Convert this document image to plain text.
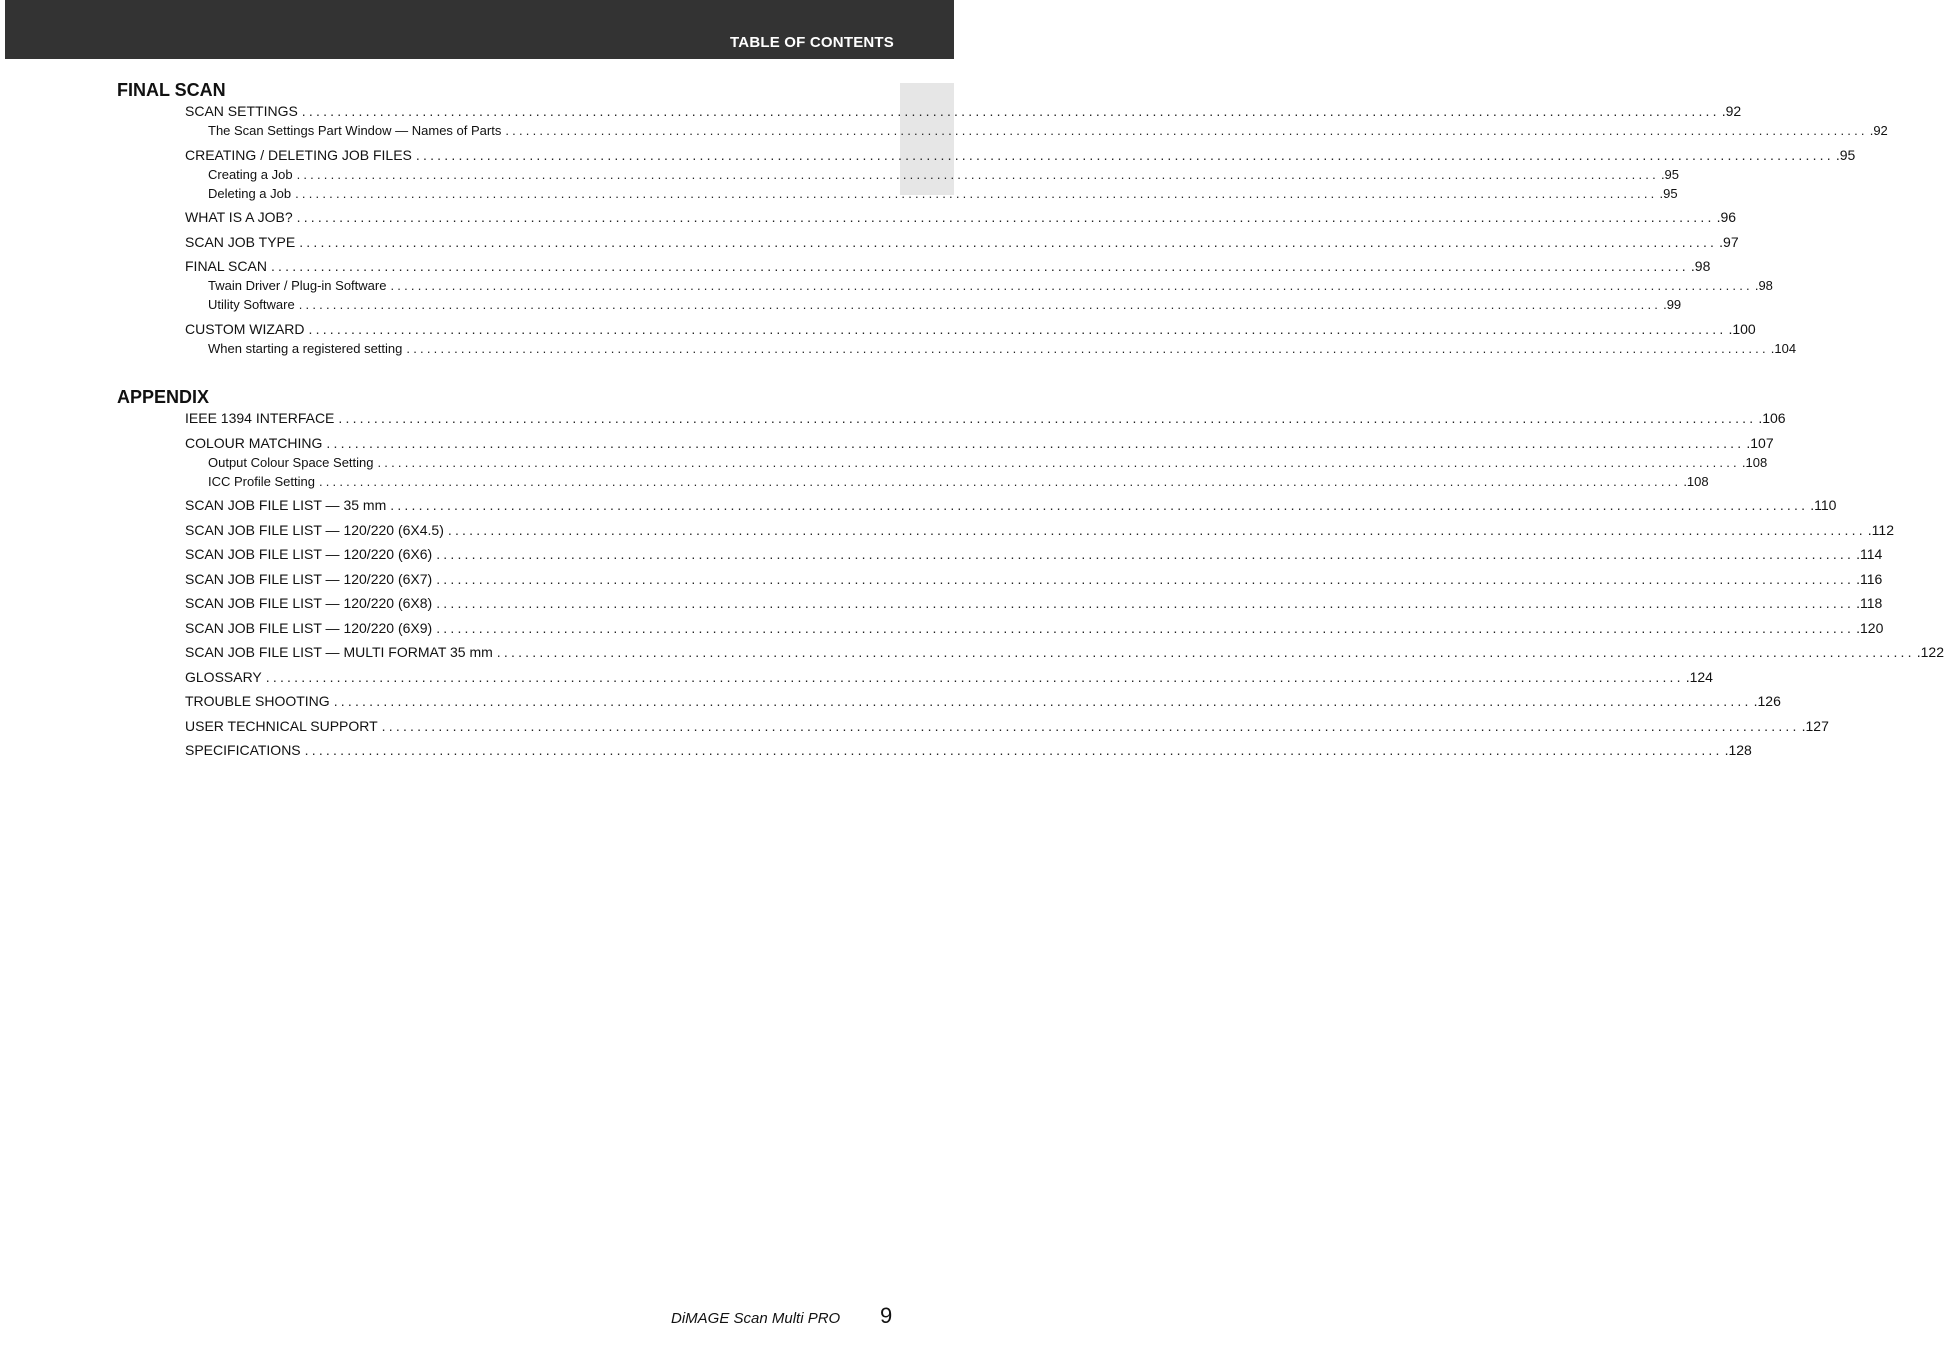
TABLE OF CONTENTS
FINAL SCAN
SCAN SETTINGS ........................................................................................................................................................................................................ .92
The Scan Settings Part Window — Names of Parts ........................................................................................................................................................................................................ .92
CREATING / DELETING JOB FILES ........................................................................................................................................................................................................ .95
Creating a Job ........................................................................................................................................................................................................ .95
Deleting a Job ........................................................................................................................................................................................................ .95
WHAT IS A JOB? ........................................................................................................................................................................................................ .96
SCAN JOB TYPE ........................................................................................................................................................................................................ .97
FINAL SCAN ........................................................................................................................................................................................................ .98
Twain Driver / Plug-in Software ........................................................................................................................................................................................................ .98
Utility Software ........................................................................................................................................................................................................ .99
CUSTOM WIZARD ........................................................................................................................................................................................................ .100
When starting a registered setting ........................................................................................................................................................................................................ .104
APPENDIX
IEEE 1394 INTERFACE ........................................................................................................................................................................................................ .106
COLOUR MATCHING ........................................................................................................................................................................................................ .107
Output Colour Space Setting ........................................................................................................................................................................................................ .108
ICC Profile Setting ........................................................................................................................................................................................................ .108
SCAN JOB FILE LIST — 35 mm ........................................................................................................................................................................................................ .110
SCAN JOB FILE LIST — 120/220 (6X4.5) ........................................................................................................................................................................................................ .112
SCAN JOB FILE LIST — 120/220 (6X6) ........................................................................................................................................................................................................ .114
SCAN JOB FILE LIST — 120/220 (6X7) ........................................................................................................................................................................................................ .116
SCAN JOB FILE LIST — 120/220 (6X8) ........................................................................................................................................................................................................ .118
SCAN JOB FILE LIST — 120/220 (6X9) ........................................................................................................................................................................................................ .120
SCAN JOB FILE LIST — MULTI FORMAT 35 mm ........................................................................................................................................................................................................ .122
GLOSSARY ........................................................................................................................................................................................................ .124
TROUBLE SHOOTING ........................................................................................................................................................................................................ .126
USER TECHNICAL SUPPORT ........................................................................................................................................................................................................ .127
SPECIFICATIONS ........................................................................................................................................................................................................ .128
DiMAGE Scan Multi PRO 9
